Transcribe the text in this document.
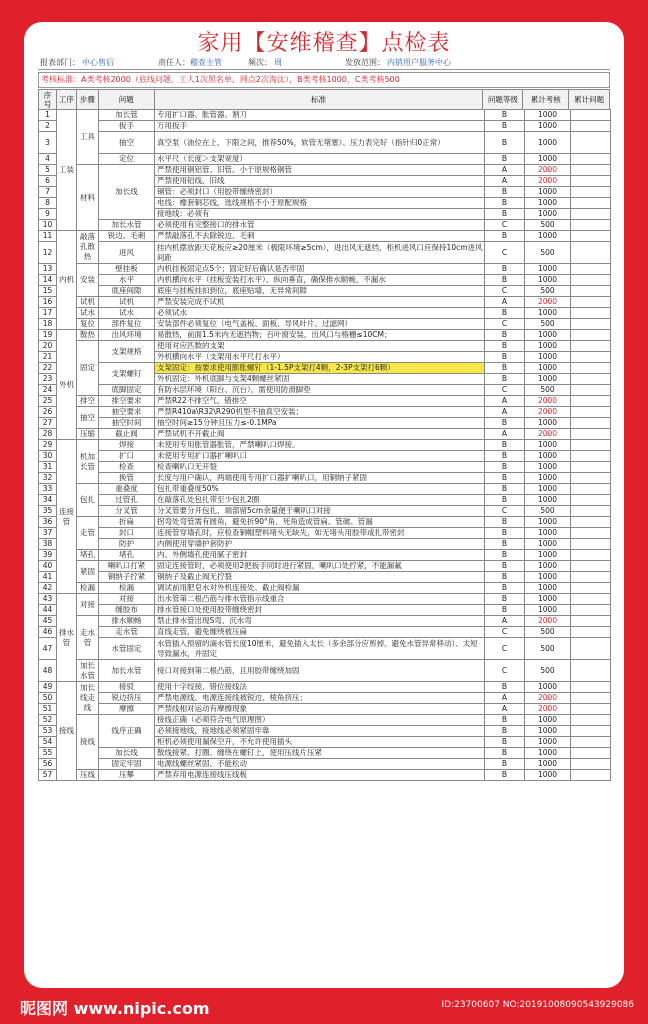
家用【安维稽查】点检表
报表部门： 中心售后	责任人： 稽查主管	频次： 周	发放范围： 内销用户服务中心
考核标准：A类考核2000（底线问题，工人1次黑名单，网点2次淘汰），B类考核1000，C类考核500
序号	工序 步骤	问题	标准	问题等级	累计考核	累计问题
1	工装	工具	加长管	专用扩口器、胀管器、割刀	B	1000	
2			扳手	万用扳手	B	1000	
3			抽空	真空泵（油位在上、下限之间，推荐50%，软管无堵塞）、压力表完好（指针归0正常）	B	1000	
4			定位	水平尺（长度＞支架宽度）	B	1000	
5		材料	加长线	严禁使用铜铝管、旧管、小于原规格铜管	A	2000	
6				严禁使用铝线、旧线	A	2000	
7				铜管：必须封口（用胶带缠绕密封）	B	1000	
8				电线：橡套铜芯线，选线规格不小于原配规格	B	1000	
9				接地线：必须有	B	1000	
10			加长水管	必须使用有完整接口的排水管	C	500	
11	内机	敲落孔散热	锐边、毛刺	严禁敲落孔不去除锐边、毛刺	B	1000	
12			进风	挂内机摆放距天花板应≥20厘米（极限环境≥5cm），进出风无遮挡，柜机进风口应保持10cm进风间距	C	500	
13		安装	壁挂板	内机挂板固定点5个；固定好后确认是否牢固	B	1000	
14			水平	内机横向水平（挂板安装打水平）、纵向垂直，确保排水顺畅，不漏水	B	1000	
15			底座间隙	底座与挂板挂扣到位，底座贴墙，无异常间隙	C	500	
16		试机	试机	严禁安装完成不试机	A	2000	
17		试水	试水	必须试水	B	1000	
18		复位	部件复位	安装部件必须复位（电气盖板、面板、导风叶片、过滤网）	C	500	
19	外机	散热	出风环境	易散热，前面1.5米内无遮挡物；百叶窗安装，出风口与格栅≤10CM；	B	1000	
20		固定	支架规格	使用对应匹数的支架	B	1000	
21				外机横向水平（支架用水平尺打水平）	B	1000	
22			支架螺钉	支架固定：按要求使用膨胀螺钉（1-1.5P支架打4颗，2-3P支架打6颗）	B	1000	
23				外机固定：外机底脚与支架4颗螺丝紧固	B	1000	
24			底脚固定	有防水层环境（阳台、沉台），需使用防滑脚垫	C	500	
25		排空	排空要求	严禁R22不排空气、错排空	A	2000	
26		抽空	抽空要求	严禁R410a\R32\R290机型不抽真空安装；	A	2000	
27			抽空时间	抽空时间≥15分钟且压力≤-0.1MPa	B	1000	
28		压缩	截止阀	严禁试机不开截止阀	A	2000	
29	连接管	机加长管	焊接	未使用专用胀管器胀管，严禁喇叭口焊接。	B	1000	
30			扩口	未使用专用扩口器扩喇叭口	B	1000	
31			检查	检查喇叭口无开裂	B	1000	
32			换管	长度与用户确认，两端使用专用扩口器扩喇叭口，用铜纳子紧固	B	1000	
33		包扎	重叠度	包扎带重叠度50%	B	1000	
34			过管孔	在敲落孔处包扎带至少包扎2圈	B	1000	
35			分叉管	分叉管要分开包扎，端部留5cm余量便于喇叭口对接	C	500	
36		走管	折扁	拐弯处弯管需有圆角，避免折90°角、死角造成管扁、管破、管漏	B	1000	
37			封口	连接管穿墙孔时，应检查铜帽塑料堵头无缺失，如无堵头用胶带或扎带密封	B	1000	
38			防护	内侧使用穿墙护套防护	B	1000	
39		堵孔	堵孔	内、外侧墙孔使用腻子密封	B	1000	
40		紧固	喇叭口打紧	固定连接管时，必须使用2把扳手同时进行紧固，喇叭口处拧紧，不能漏氟	B	1000	
41			铜纳子拧紧	铜纳子及截止阀无拧裂	B	1000	
42		检漏	检漏	调试前用肥皂水对外机连接处、截止阀检漏	B	1000	
43	排水管	对接	对接	出水管第二根凸筋与排水管指示线重合	B	1000	
44			缠胶布	排水管接口处使用胶带缠绕密封	B	1000	
45		走水管	排水顺畅	禁止排水管出现S弯、沉水弯	A	2000	
46			走水管	直线走管，避免缠绕被压扁	C	500	
47			水管固定	水管插入预留的滴水管长度10厘米，避免插入太长（多余部分应剪掉、避免水管异常移动）、太短导致漏水，并固定	C	500	
48		加长水管	加长水管	接口对接到第二根凸筋，且用胶带缠绕加固	C	500	
49	接线	加长线走线	接驳	使用十字绞接、错位接线法	B	1000	
50			锐边挤压	严禁电源线、电源连接线被锐边、棱角挤压；	A	2000	
51			摩擦	严禁线相对运动有摩擦现象	A	2000	
52		接线	线序正确	接线正确（必须符合电气原理图）	B	1000	
53				必须接地线，接地线必须紧固牢靠	B	1000	
54				柜机必须使用漏保空开，不允许使用插头	B	1000	
55			加长线	散线接紧、打圈、缠绕在螺钉上，使用压线片压紧	B	1000	
56			固定牢固	电源线螺丝紧固、不能松动	B	1000	
57		压线	压攀	严禁弃用电源连接线压线板	B	1000	
昵图网 www.nipic.com	ID:23700607 NO:20191008090543929086
